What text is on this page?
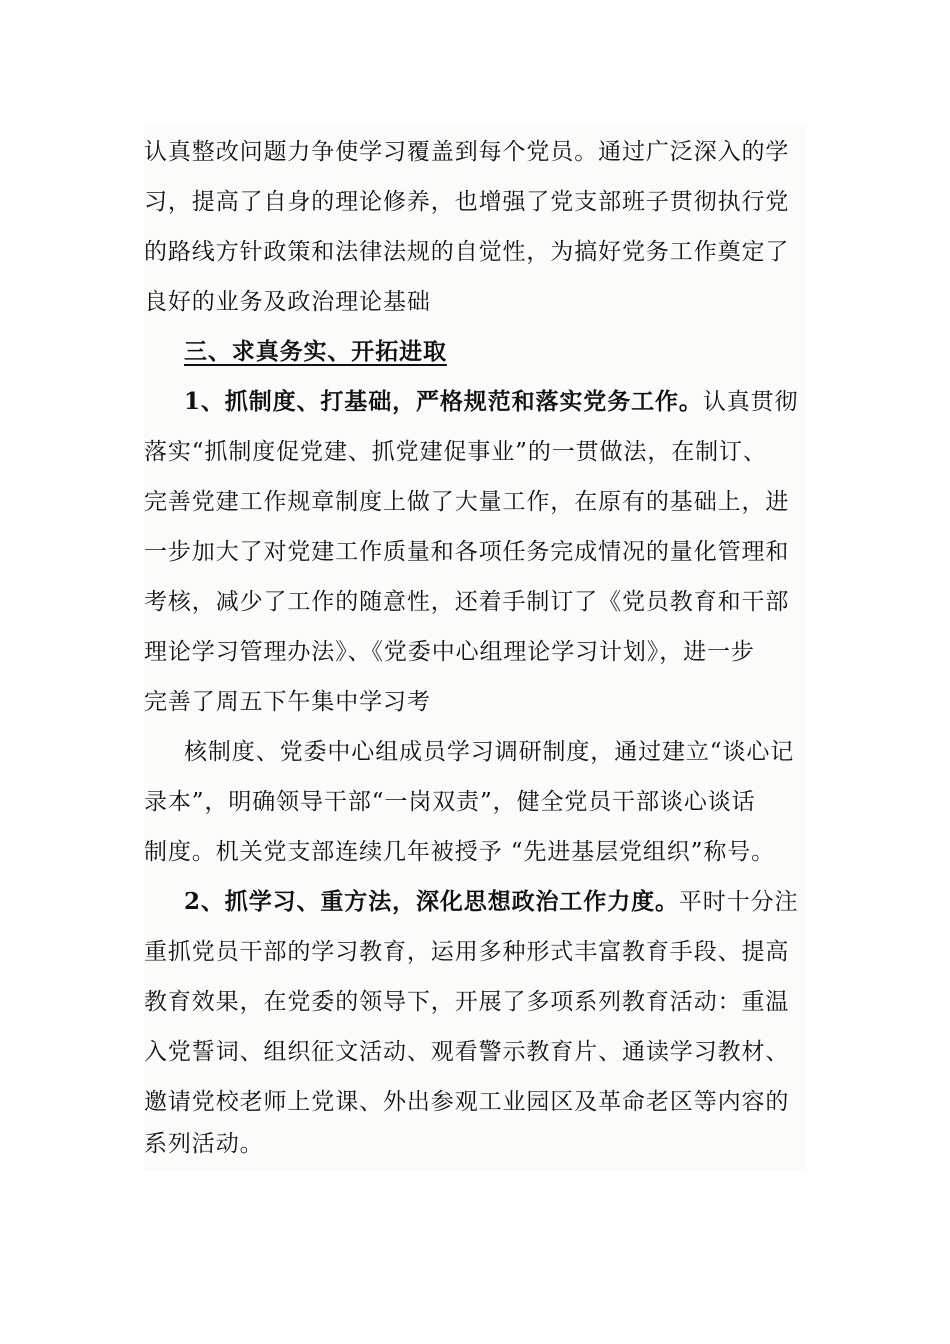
认真整改问题力争使学习覆盖到每个党员。通过广泛深入的学
习，提高了自身的理论修养，也增强了党支部班子贯彻执行党
的路线方针政策和法律法规的自觉性，为搞好党务工作奠定了
良好的业务及政治理论基础
三、求真务实、开拓进取
1、抓制度、打基础，严格规范和落实党务工作。认真贯彻
落实“抓制度促党建、抓党建促事业”的一贯做法，在制订、
完善党建工作规章制度上做了大量工作，在原有的基础上，进
一步加大了对党建工作质量和各项任务完成情况的量化管理和
考核，减少了工作的随意性，还着手制订了《党员教育和干部
理论学习管理办法》、《党委中心组理论学习计划》，进一步
完善了周五下午集中学习考
核制度、党委中心组成员学习调研制度，通过建立“谈心记
录本”，明确领导干部“一岗双责”，健全党员干部谈心谈话
制度。机关党支部连续几年被授予 “先进基层党组织”称号。
2、抓学习、重方法，深化思想政治工作力度。平时十分注
重抓党员干部的学习教育，运用多种形式丰富教育手段、提高
教育效果，在党委的领导下，开展了多项系列教育活动：重温
入党誓词、组织征文活动、观看警示教育片、通读学习教材、
邀请党校老师上党课、外出参观工业园区及革命老区等内容的
系列活动。
